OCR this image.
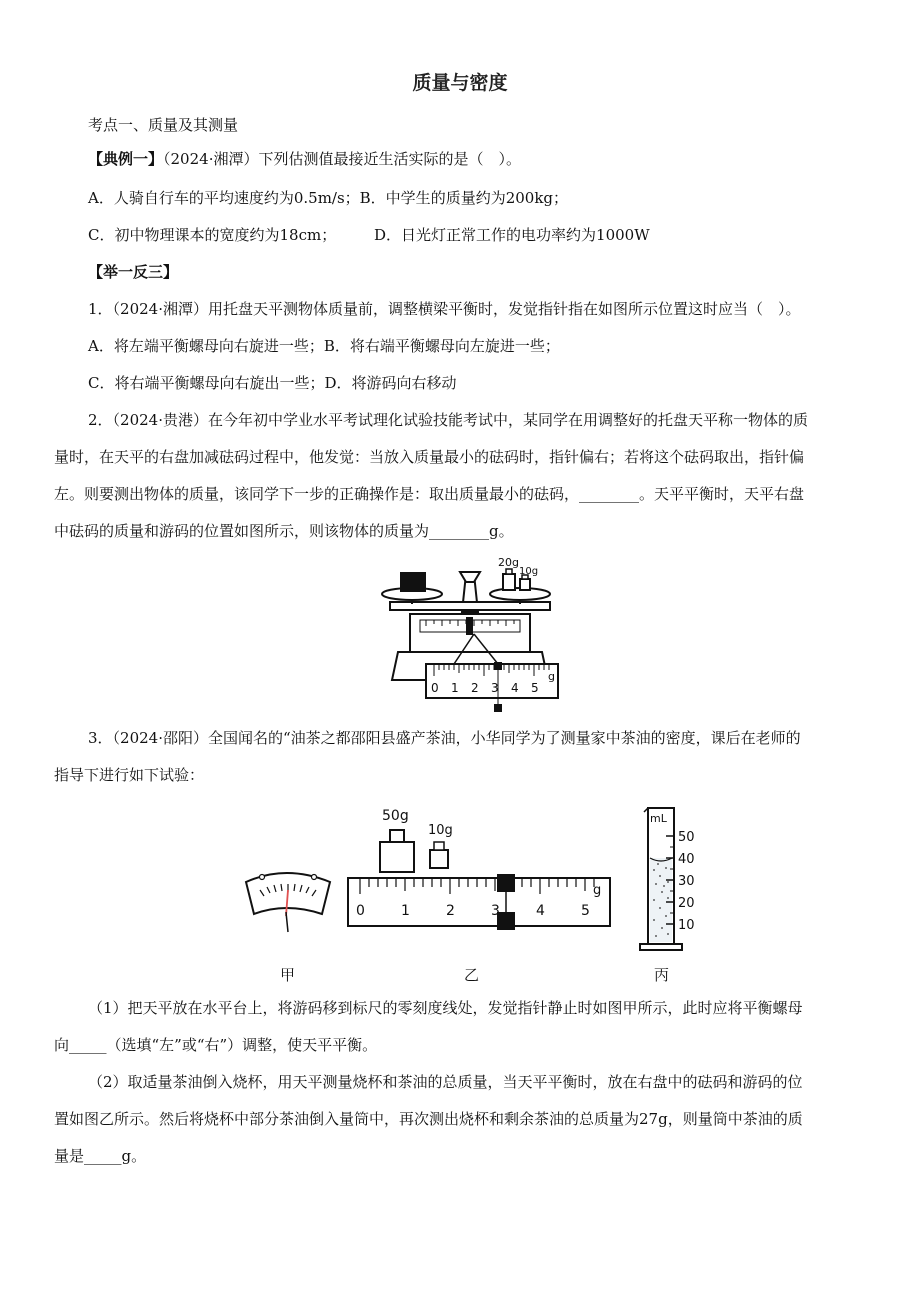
质量与密度
考点一、质量及其测量
【典例一】（2024·湘潭）下列估测值最接近生活实际的是（　）。
A．人骑自行车的平均速度约为0.5m/s；B．中学生的质量约为200kg；
C．初中物理课本的宽度约为18cm；	D．日光灯正常工作的电功率约为1000W
【举一反三】
1．（2024·湘潭）用托盘天平测物体质量前，调整横梁平衡时，发觉指针指在如图所示位置这时应当（　）。
A．将左端平衡螺母向右旋进一些；B．将右端平衡螺母向左旋进一些；
C．将右端平衡螺母向右旋出一些；D．将游码向右移动
2．（2024·贵港）在今年初中学业水平考试理化试验技能考试中，某同学在用调整好的托盘天平称一物体的质
量时，在天平的右盘加减砝码过程中，他发觉：当放入质量最小的砝码时，指针偏右；若将这个砝码取出，指针偏
左。则要测出物体的质量，该同学下一步的正确操作是：取出质量最小的砝码，________。天平平衡时，天平右盘
中砝码的质量和游码的位置如图所示，则该物体的质量为________g。
20g
10g
0 1 2 3 4 5
g
3．（2024·邵阳）全国闻名的“油茶之都邵阳县盛产茶油，小华同学为了测量家中茶油的密度，课后在老师的
指导下进行如下试验：
50g
10g
0	1	2	3	4	5
g
mL
50
40
30
20
10
甲	乙	丙
（1）把天平放在水平台上，将游码移到标尺的零刻度线处，发觉指针静止时如图甲所示，此时应将平衡螺母
向_____（选填“左”或“右”）调整，使天平平衡。
（2）取适量茶油倒入烧杯，用天平测量烧杯和茶油的总质量，当天平平衡时，放在右盘中的砝码和游码的位
置如图乙所示。然后将烧杯中部分茶油倒入量筒中，再次测出烧杯和剩余茶油的总质量为27g，则量筒中茶油的质
量是_____g。
